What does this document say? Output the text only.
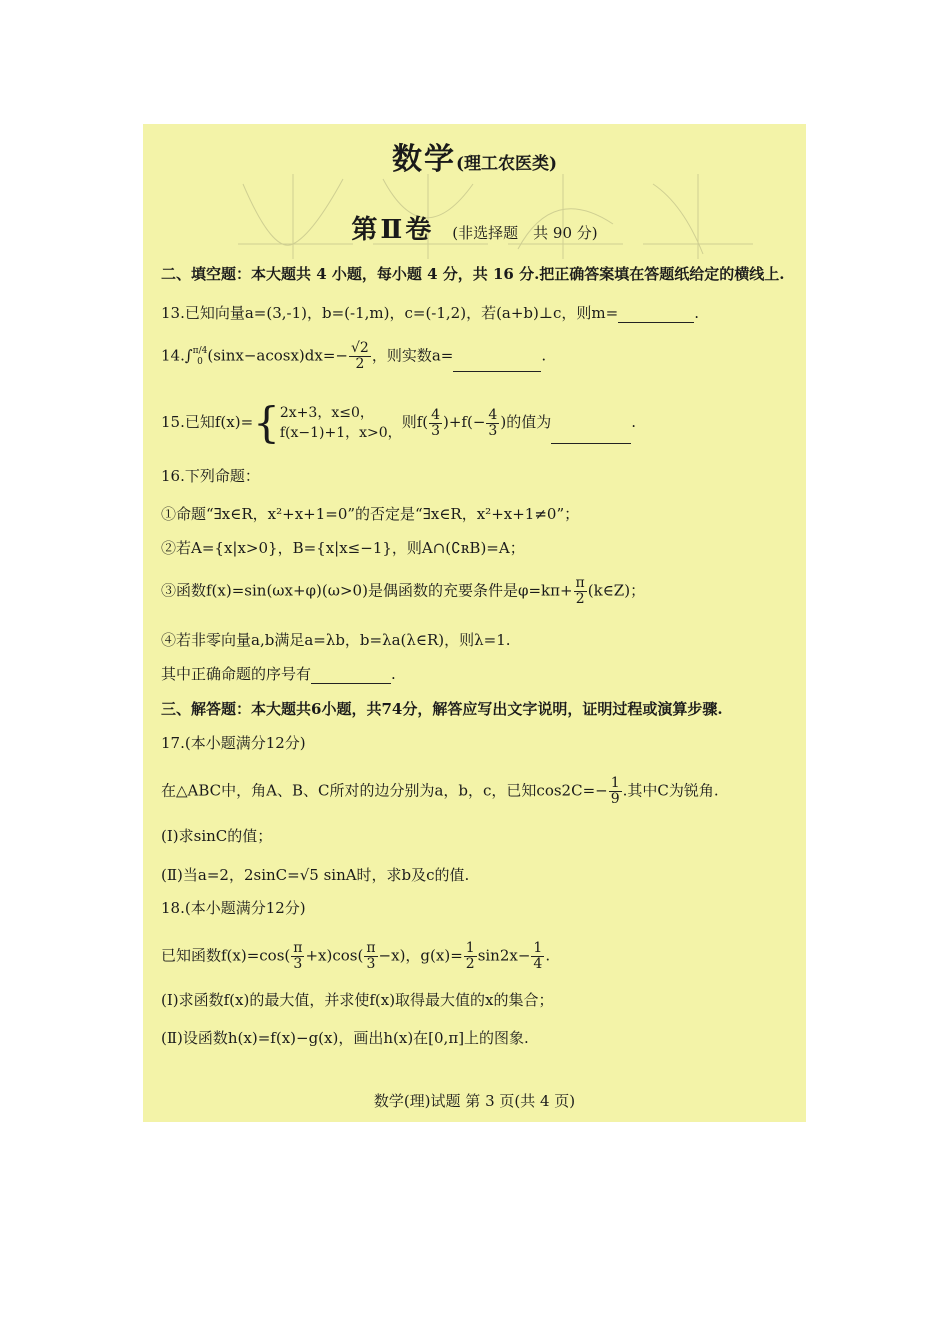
数学(理工农医类)
第Ⅱ卷 (非选择题　共 90 分)
二、填空题：本大题共 4 小题，每小题 4 分，共 16 分.把正确答案填在答题纸给定的横线上.
13.已知向量a=(3,-1)，b=(-1,m)，c=(-1,2)，若(a+b)⊥c，则m=	.
14.∫ π/4
0 $(\sin x-acosx)dx=- \frac{√2}{2}$ ，则实数a=	.
15.已知f(x)={ 2x+3，x≤0，
f(x−1)+1，x>0，
则$f( \frac{4}{3} )+f(- \frac{4}{3}$ )的值为	.
16.下列命题：
①命题“∃x∈R，x²+x+1=0”的否定是“∃x∈R，x²+x+1≠0”；
②若A={x|x>0}，B={x|x≤−1}，则A∩(∁ʀB)=A；
③函数f(x)=sin(ωx+φ)(ω>0)是偶函数的充要条件是$\varphi=k\pi+ \frac{\pi}{2}$ (k∈Z)；
④若非零向量a,b满足a=λb，b=λa(λ∈R)，则λ=1.
其中正确命题的序号有	.
三、解答题：本大题共6小题，共74分，解答应写出文字说明，证明过程或演算步骤.
17.(本小题满分12分)
在△ABC中，角A、B、C所对的边分别为a，b，c，已知$\cos 2C=- \frac{1}{9}$ .其中C为锐角.
(Ⅰ)求sinC的值；
(Ⅱ)当a=2，2sinC=√5 sinA时，求b及c的值.
18.(本小题满分12分)
已知函数$f(x)=\cos( \frac{\pi}{3} +x)\cos( \frac{\pi}{3} -x)$，$g(x)= \frac{1}{2} \sin 2x- \frac{1}{4}$ .
(Ⅰ)求函数f(x)的最大值，并求使f(x)取得最大值的x的集合；
(Ⅱ)设函数h(x)=f(x)−g(x)，画出h(x)在[0,π]上的图象.
数学(理)试题 第 3 页(共 4 页)
